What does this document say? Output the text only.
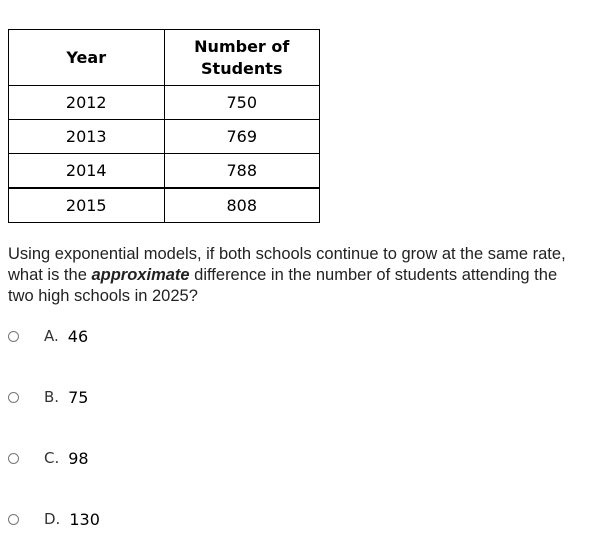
Year	Number of
Students
2012	750
2013	769
2014	788
2015	808
Using exponential models, if both schools continue to grow at the same rate, what is the approximate difference in the number of students attending the two high schools in 2025?
A. 46
B. 75
C. 98
D. 130
